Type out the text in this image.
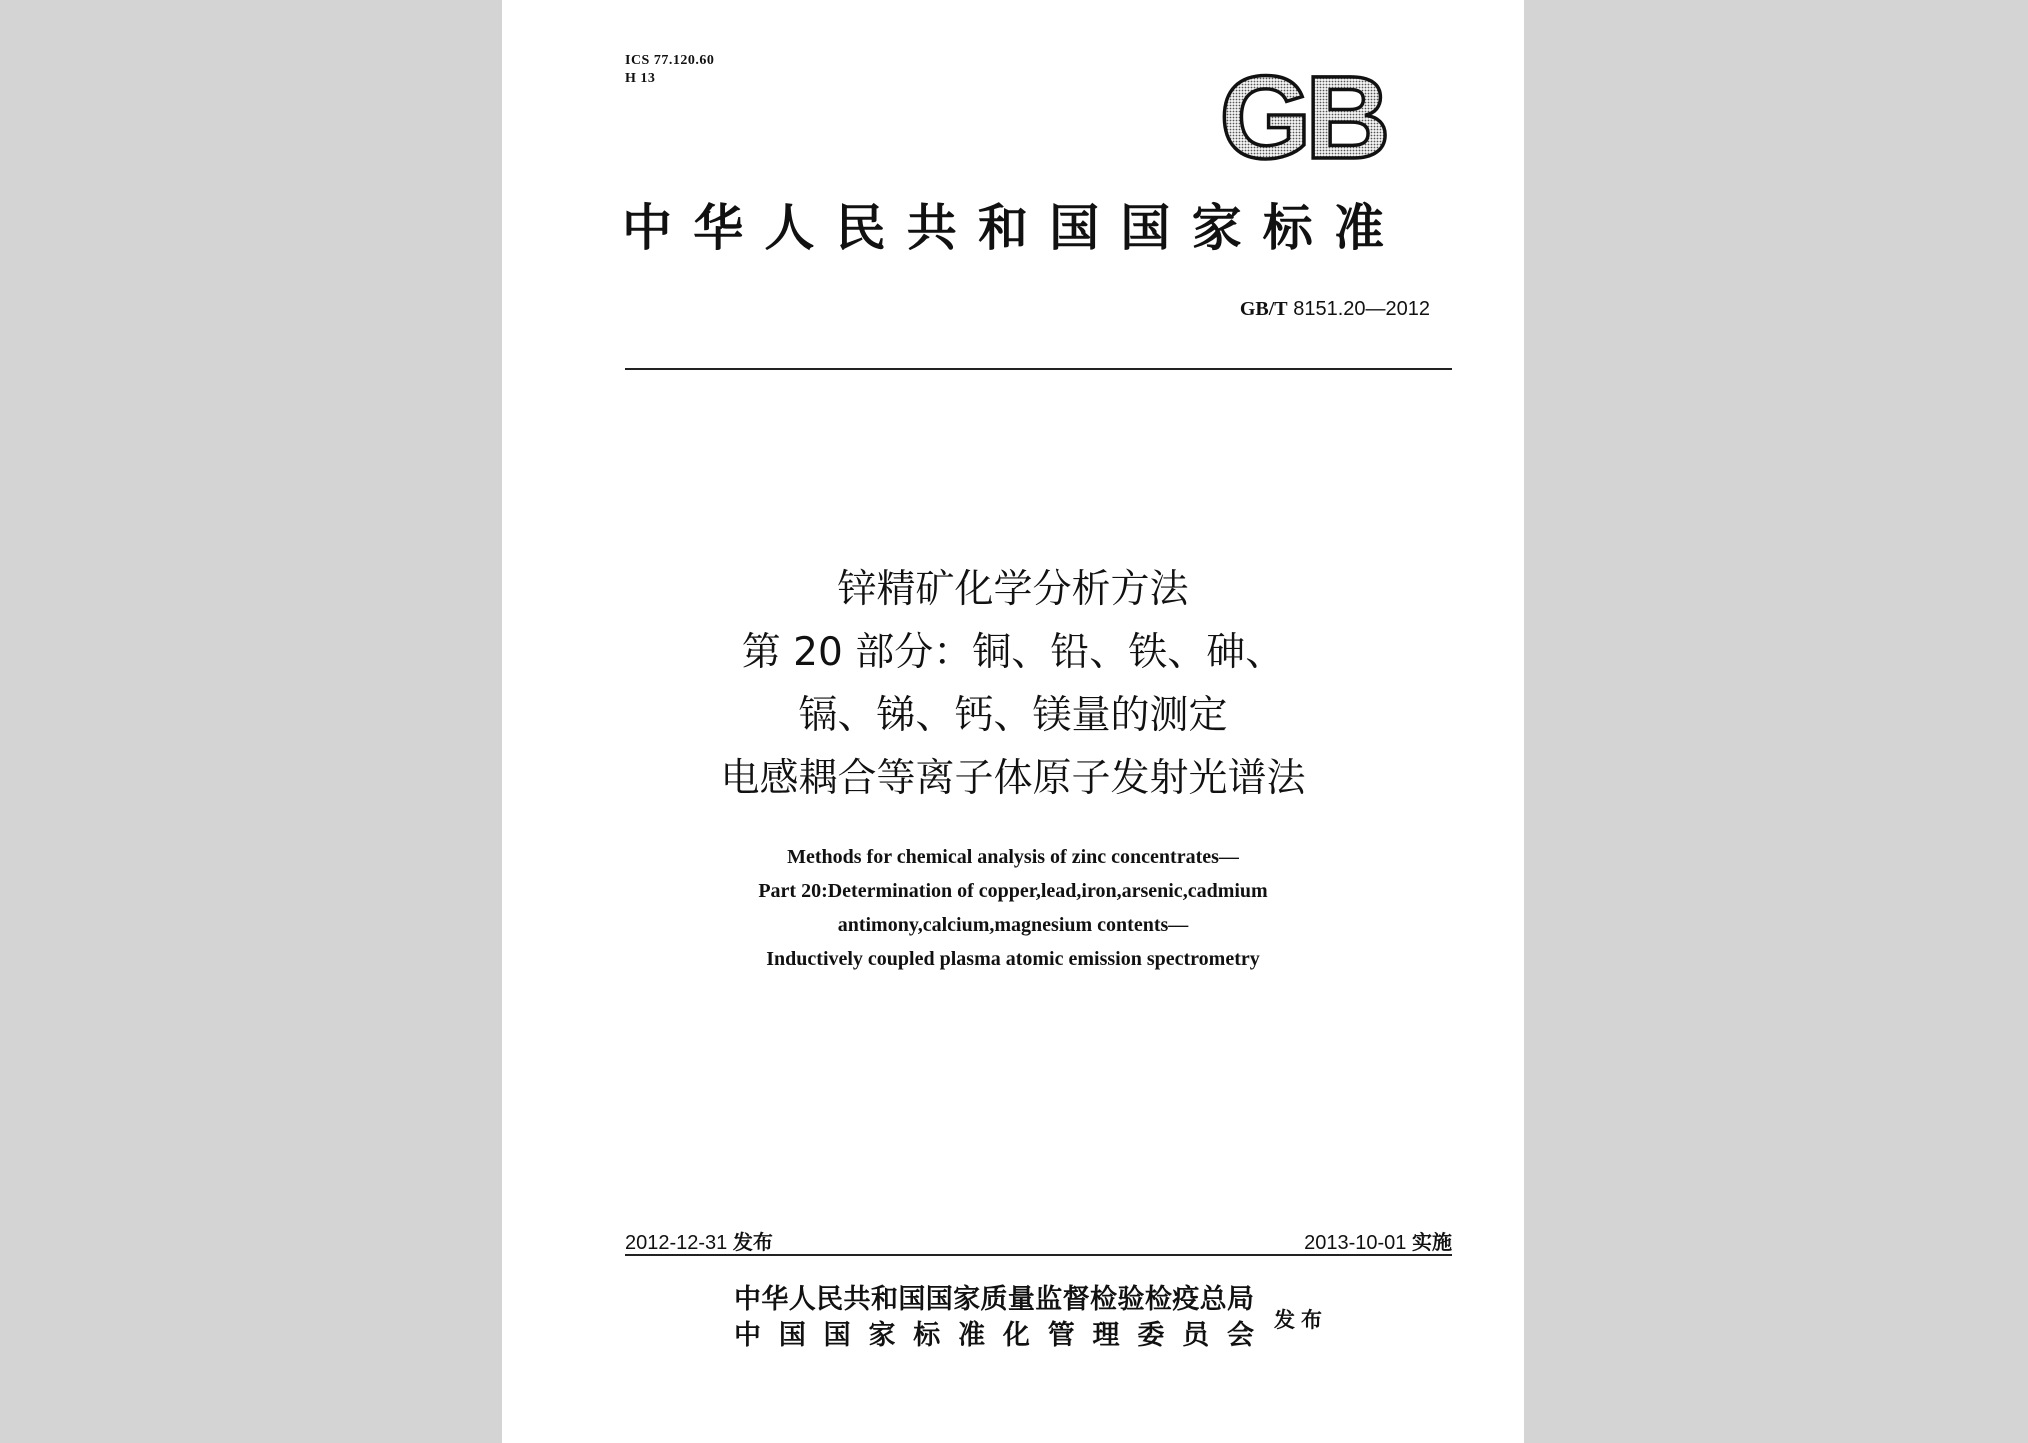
ICS 77.120.60
H 13	GB
中华人民共和国国家标准
GB/T 8151.20—2012
锌精矿化学分析方法
第 20 部分：铜、铅、铁、砷、
镉、锑、钙、镁量的测定
电感耦合等离子体原子发射光谱法
Methods for chemical analysis of zinc concentrates—
Part 20:Determination of copper,lead,iron,arsenic,cadmium
antimony,calcium,magnesium contents—
Inductively coupled plasma atomic emission spectrometry
2012-12-31 发布	2013-10-01 实施
中华人民共和国国家质量监督检验检疫总局
中国国家标准化管理委员会
发布
